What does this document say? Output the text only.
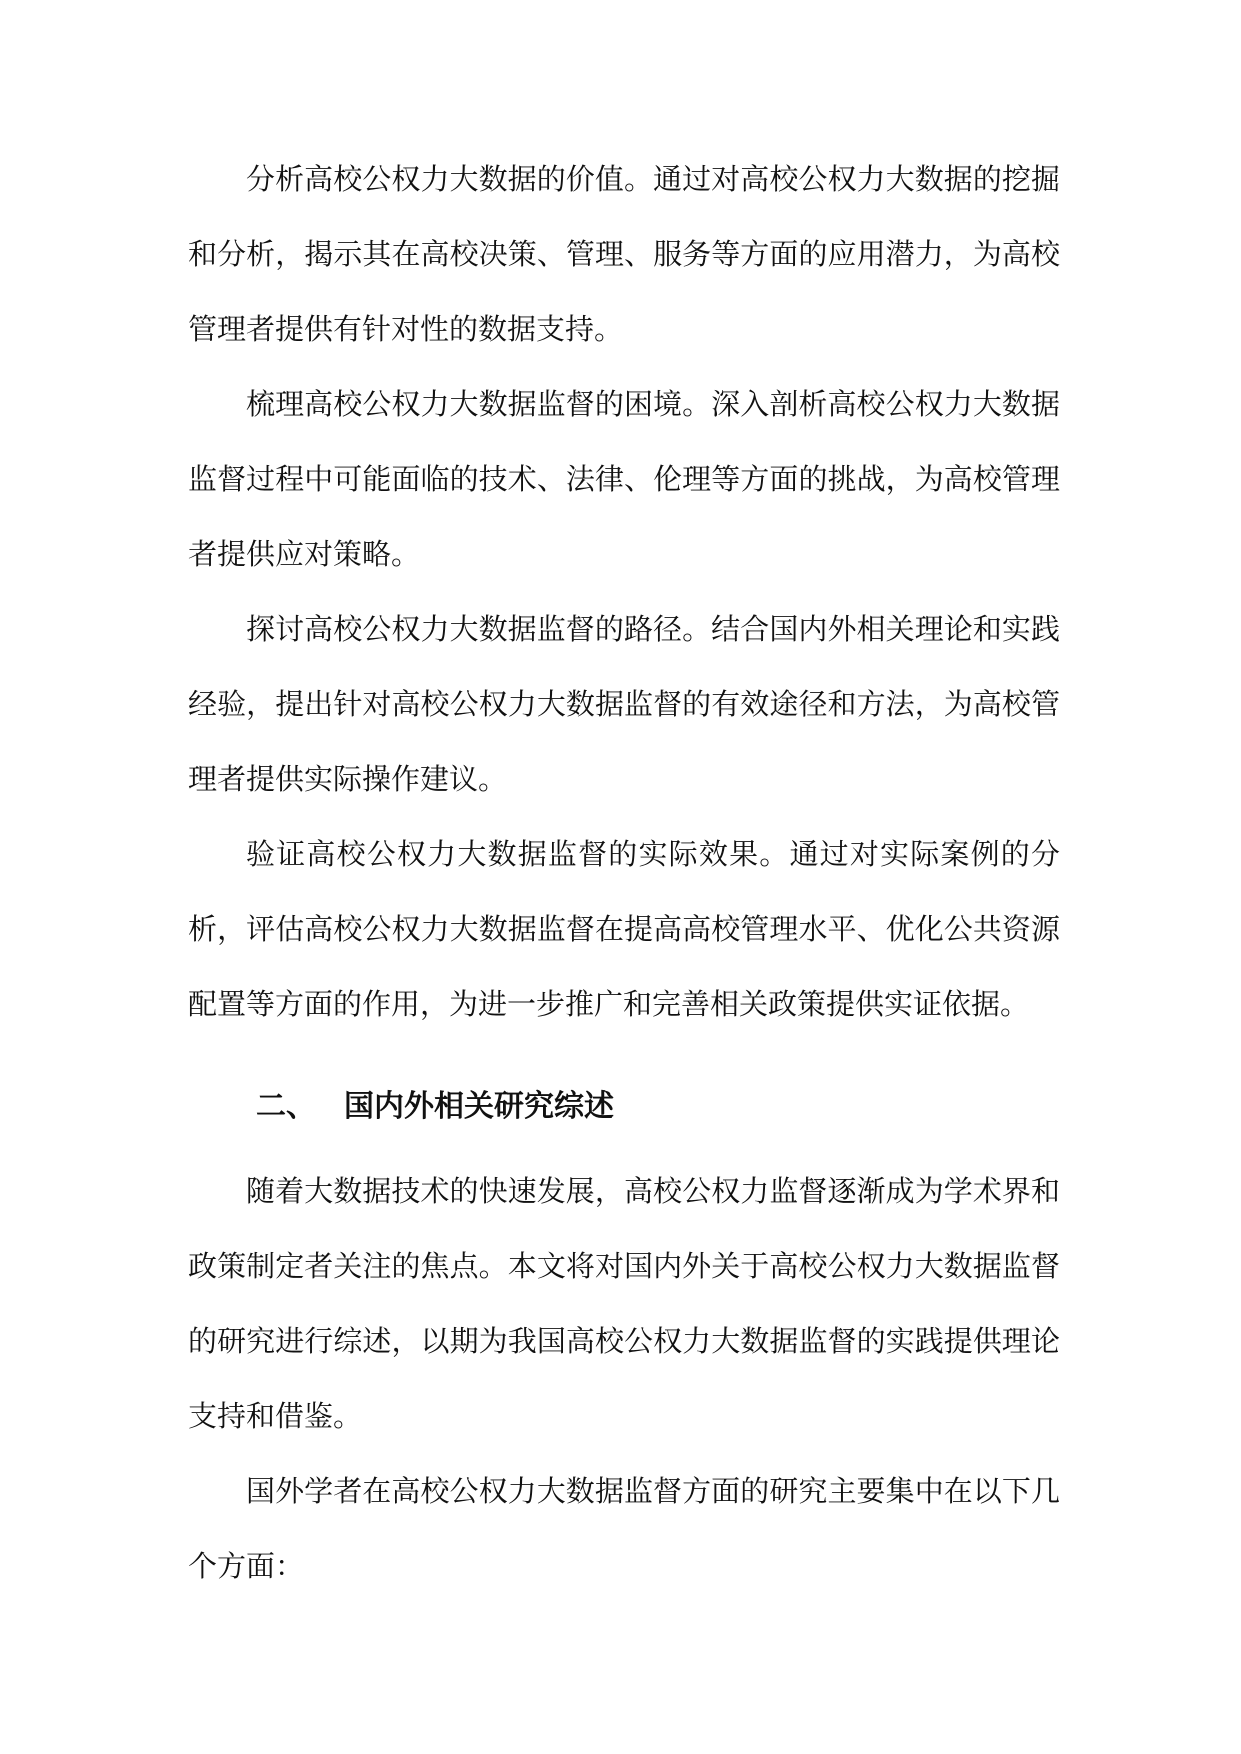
分析高校公权力大数据的价值。通过对高校公权力大数据的挖掘和分析，揭示其在高校决策、管理、服务等方面的应用潜力，为高校管理者提供有针对性的数据支持。

梳理高校公权力大数据监督的困境。深入剖析高校公权力大数据监督过程中可能面临的技术、法律、伦理等方面的挑战，为高校管理者提供应对策略。

探讨高校公权力大数据监督的路径。结合国内外相关理论和实践经验，提出针对高校公权力大数据监督的有效途径和方法，为高校管理者提供实际操作建议。

验证高校公权力大数据监督的实际效果。通过对实际案例的分析，评估高校公权力大数据监督在提高高校管理水平、优化公共资源配置等方面的作用，为进一步推广和完善相关政策提供实证依据。

二、 国内外相关研究综述

随着大数据技术的快速发展，高校公权力监督逐渐成为学术界和政策制定者关注的焦点。本文将对国内外关于高校公权力大数据监督的研究进行综述，以期为我国高校公权力大数据监督的实践提供理论支持和借鉴。

国外学者在高校公权力大数据监督方面的研究主要集中在以下几个方面：
